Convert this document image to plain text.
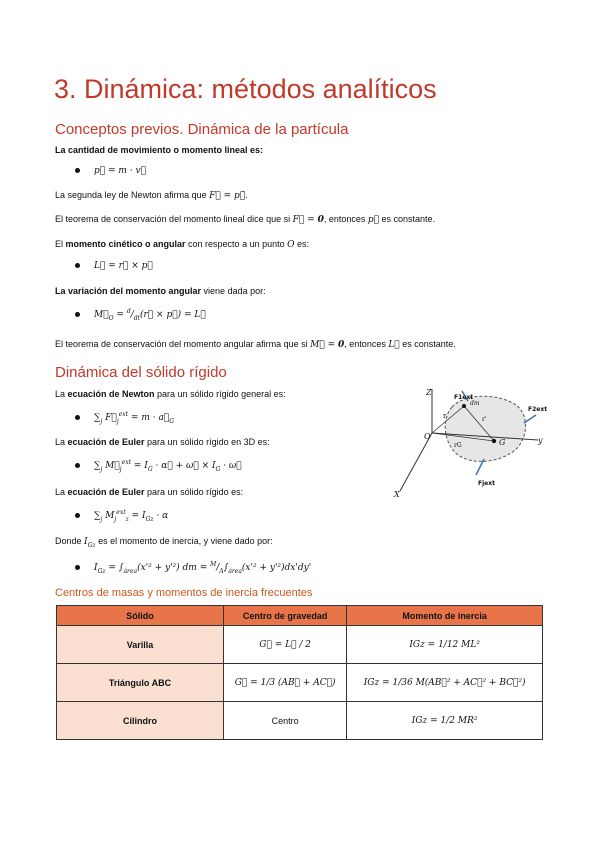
3. Dinámica: métodos analíticos
Conceptos previos. Dinámica de la partícula
La cantidad de movimiento o momento lineal es:
p⃗ = m · v⃗
La segunda ley de Newton afirma que F⃗ = p⃗̇.
El teorema de conservación del momento lineal dice que si F⃗ = 0, entonces p⃗ es constante.
El momento cinético o angular con respecto a un punto O es:
L⃗ = r⃗ × p⃗
La variación del momento angular viene dada por:
$M⃗_O$ = $^d/_{dt}(r⃗$ × p⃗) = L⃗̇
El teorema de conservación del momento angular afirma que si M⃗ = 0, entonces L⃗ es constante.
Dinámica del sólido rígido
La ecuación de Newton para un sólido rígido general es:
$\sum_j$ $F⃗_j^{ext} = m$ · $a⃗_G$
La ecuación de Euler para un sólido rígido en 3D es:
$\sum_j$ $M⃗_j^{ext} = I_G$ · α⃗ + ω⃗ × $I_G$ · ω⃗
La ecuación de Euler para un sólido rígido es:
$\sum_j$ $M_j^{ext}_z = I_{Gz} \cdot \alpha$
Donde $I_{Gz}$ es el momento de inercia, y viene dado por:
$I_{Gz} = \int_{área}(x'^2 + y'^2)$ dm = $^M/_A\int_{área}(x'^2 + y'^2)dx'dy'$
Z
y
X
O
r
rG
r'
G
dm
F1ext
F2ext
Fjext
Centros de masas y momentos de inercia frecuentes
Sólido	Centro de gravedad	Momento de inercia
Varilla	G⃗ = L⃗ / 2	IGz = 1/12 ML²
Triángulo ABC	G⃗ = 1/3 (AB⃗ + AC⃗)	IGz = 1/36 M(AB⃗² + AC⃗² + BC⃗²)
Cilindro	Centro	IGz = 1/2 MR²
